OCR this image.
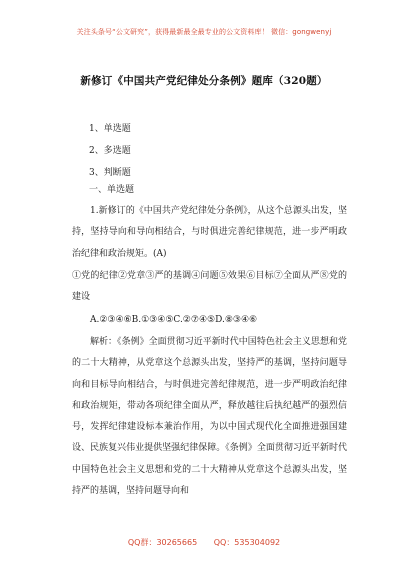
关注头条号“公文研究”，获得最新最全最专业的公文资料库！ 微信：gongwenyj
新修订《中国共产党纪律处分条例》题库（320题）
1、单选题
2、多选题
3、判断题
一、单选题
1.新修订的《中国共产党纪律处分条例》，从这个总源头出发，坚持，坚持导向和导向相结合，与时俱进完善纪律规范，进一步严明政治纪律和政治规矩。(A)
①党的纪律②党章③严的基调④问题⑤效果⑥目标⑦全面从严⑧党的建设
A.②③④⑥B.①③④⑤C.②⑦④⑤D.⑧③④⑥
解析：《条例》全面贯彻习近平新时代中国特色社会主义思想和党的二十大精神，从党章这个总源头出发，坚持严的基调，坚持问题导向和目标导向相结合，与时俱进完善纪律规范，进一步严明政治纪律和政治规矩，带动各项纪律全面从严，释放越往后执纪越严的强烈信号，发挥纪律建设标本兼治作用，为以中国式现代化全面推进强国建设、民族复兴伟业提供坚强纪律保障。《条例》全面贯彻习近平新时代中国特色社会主义思想和党的二十大精神从党章这个总源头出发，坚持严的基调，坚持问题导向和
QQ群：30265665 QQ：535304092
